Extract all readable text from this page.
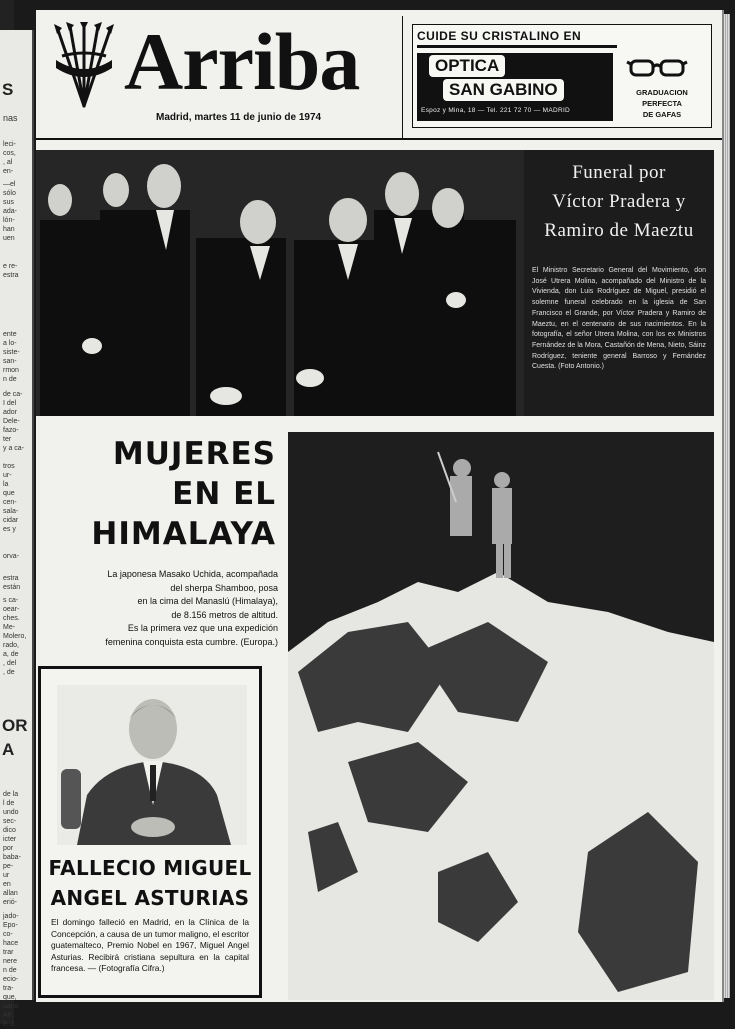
S
nas
leci-
cos,
, al
en-
—el
sólo
sus
ada-
lón-
han
uen
e re-
estra
ente
a lo-
siste-
san-
rmon
n de
de ca-
I del
ador
Dele-
fazo-
ter
y a ca-
tros
ur-
la
que
cen-
sala-
cidar
es y
orva-
estra
están
s ca-
oear-
ches.
Me-
Molero,
rado,
a, de
, del
, de
OR
A
de la
l de
undo
sec-
dico
icter
por
baba-
pe-
ur
en
allan
erió-
jado-
Epo-
co-
hace
trar
nere
n de
ecio-
tra-
que,
uano
AP,
F. J.
Arriba
Madrid, martes 11 de junio de 1974
CUIDE SU CRISTALINO EN
OPTICA
SAN GABINO
Espoz y Mina, 18 — Tel. 221 72 70 — MADRID
GRADUACION
PERFECTA
DE GAFAS
Funeral por
Víctor Pradera y
Ramiro de Maeztu
El Ministro Secretario General del Movimiento, don José Utrera Molina, acompañado del Ministro de la Vivienda, don Luis Rodríguez de Miguel, presidió el solemne funeral celebrado en la iglesia de San Francisco el Grande, por Víctor Pradera y Ramiro de Maeztu, en el centenario de sus nacimientos. En la fotografía, el señor Utrera Molina, con los ex Ministros Fernández de la Mora, Castañón de Mena, Nieto, Sáinz Rodríguez, teniente general Barroso y Fernández Cuesta. (Foto Antonio.)
MUJERES
EN EL
HIMALAYA
La japonesa Masako Uchida, acompañada
del sherpa Shamboo, posa
en la cima del Manaslú (Himalaya),
de 8.156 metros de altitud.
Es la primera vez que una expedición
femenina conquista esta cumbre. (Europa.)
FALLECIO MIGUEL
ANGEL ASTURIAS
El domingo falleció en Madrid, en la Clínica de la Concepción, a causa de un tumor maligno, el escritor guatemalteco, Premio Nobel en 1967, Miguel Angel Asturias. Recibirá cristiana sepultura en la capital francesa. — (Fotografía Cifra.)
